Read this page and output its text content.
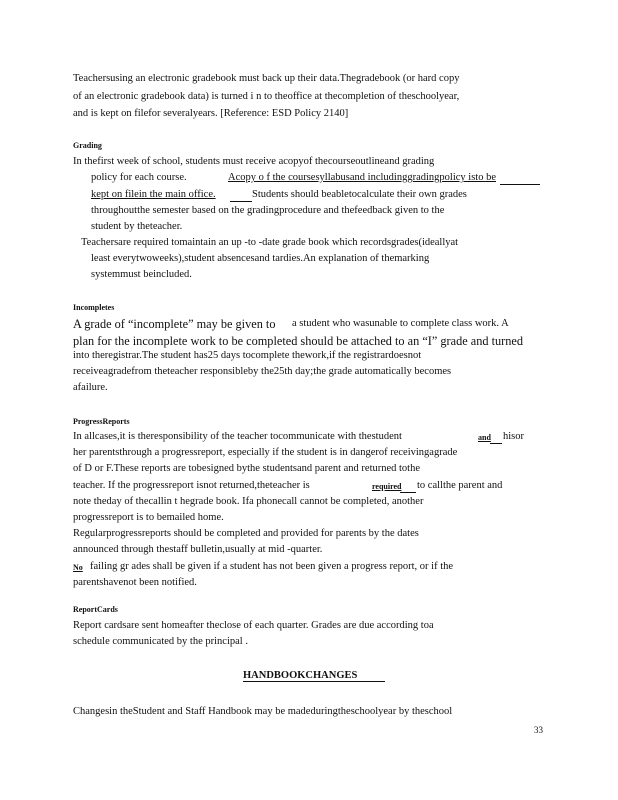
Teachersusing an electronic gradebook must back up their data.Thegradebook (or hard copy
of an electronic gradebook data) is turned i n to theoffice at thecompletion of theschoolyear,
and is kept on filefor severalyears. [Reference: ESD Policy 2140]
Grading
In thefirst week of school, students must receive acopyof thecourseoutlineand grading
policy for each course.	Acopy o f the coursesyllabusand includinggradingpolicy isto be
kept on filein the main office.	Students should beabletocalculate their own grades
throughoutthe semester based on the gradingprocedure and thefeedback given to the
student by theteacher.
Teachersare required tomaintain an up -to -date grade book which recordsgrades(ideallyat
least everytwoweeks),student absencesand tardies.An explanation of themarking
systemmust beincluded.
Incompletes
A grade of “incomplete” may be given to a student who wasunable to complete class work. A
plan for the incomplete work to be completed should be attached to an “I” grade and turned
into theregistrar.The student has25 days tocomplete thework,if the registrardoesnot
receiveagradefrom theteacher responsibleby the25th day;the grade automatically becomes
afailure.
ProgressReports
In allcases,it is theresponsibility of the teacher tocommunicate with thestudent	and hisor
her parentsthrough a progressreport, especially if the student is in dangerof receivingagrade
of D or F.These reports are tobesigned bythe studentsand parent and returned tothe
teacher. If the progressreport isnot returned,theteacher is	required to callthe parent and
note theday of thecallin t hegrade book. Ifa phonecall cannot be completed, another
progressreport is to bemailed home.
Regularprogressreports should be completed and provided for parents by the dates
announced through thestaff bulletin,usually at mid -quarter.
No failing gr ades shall be given if a student has not been given a progress report, or if the
parentshavenot been notified.
ReportCards
Report cardsare sent homeafter theclose of each quarter. Grades are due according toa
schedule communicated by the principal .
HANDBOOKCHANGES
Changesin theStudent and Staff Handbook may be madeduringtheschoolyear by theschool
33
